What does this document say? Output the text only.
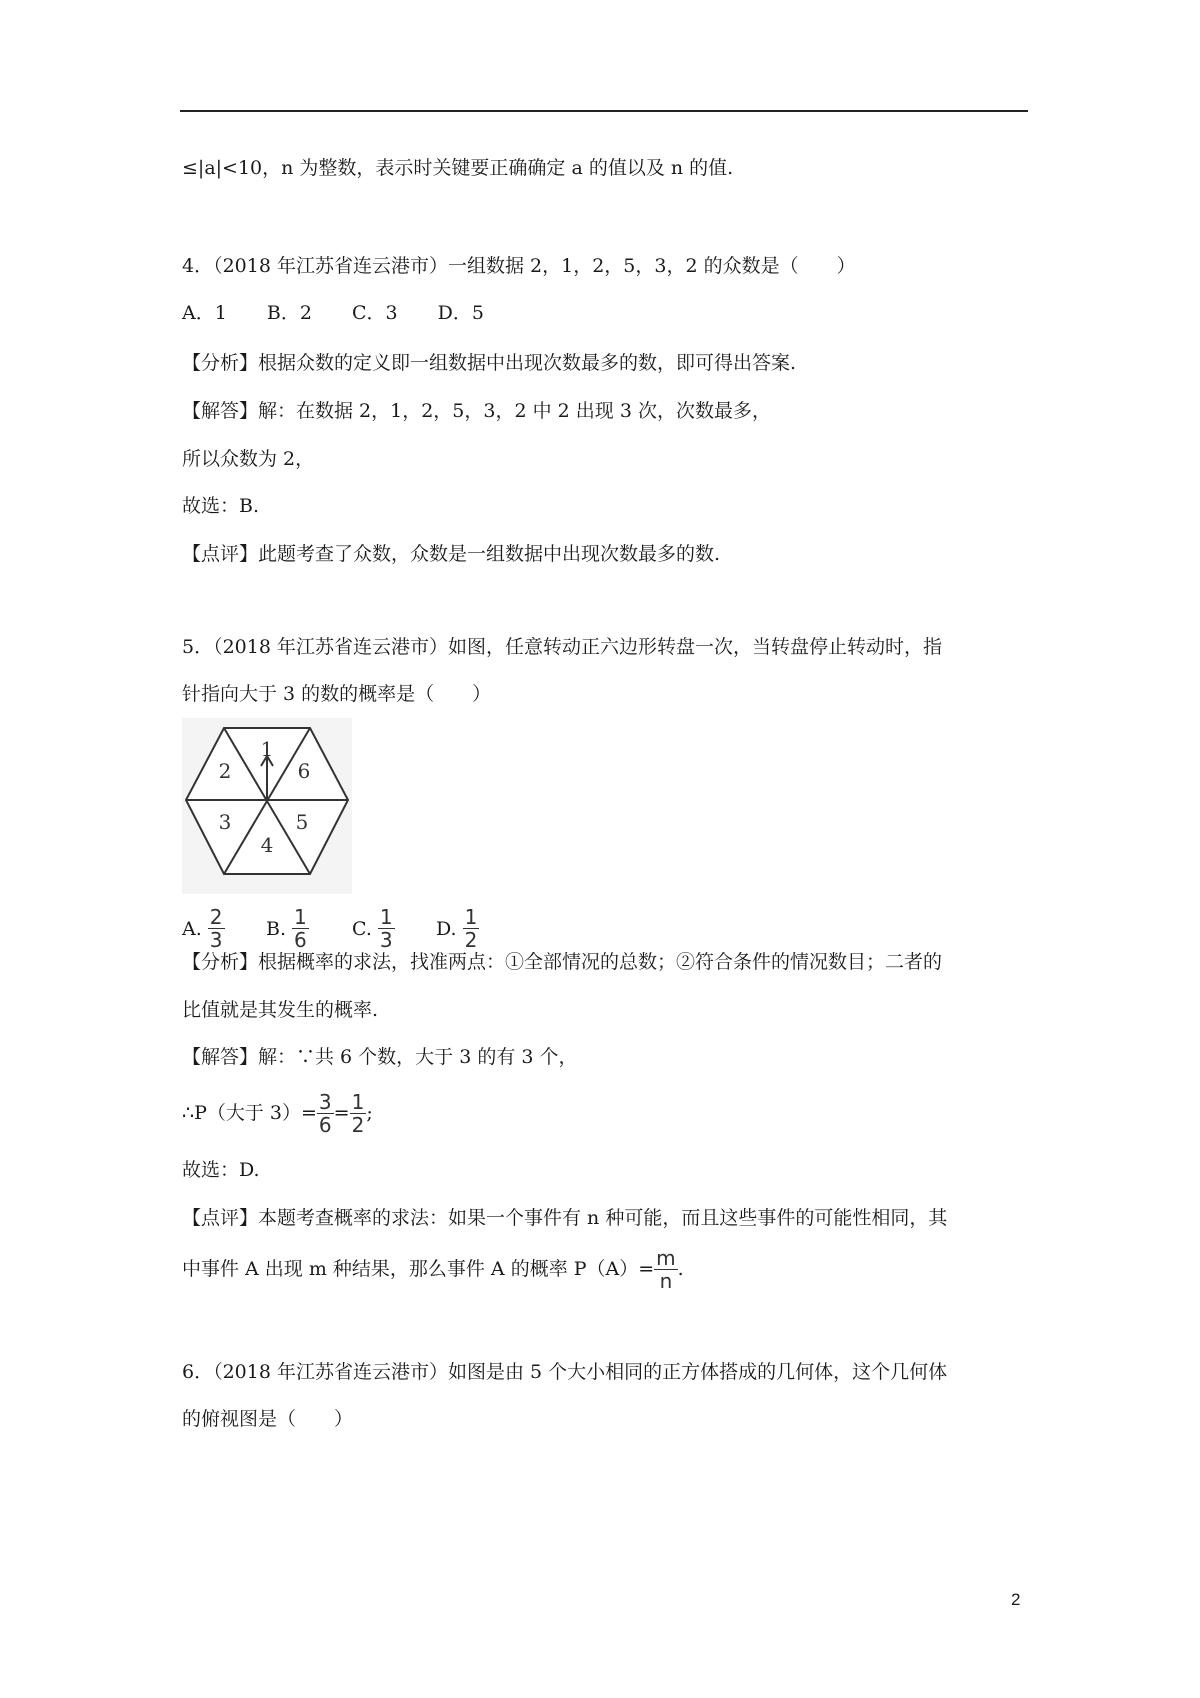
≤|a|<10，n 为整数，表示时关键要正确确定 a 的值以及 n 的值.
4．（2018 年江苏省连云港市）一组数据 2，1，2，5，3，2 的众数是（　　）
A．1 B．2 C．3 D．5
【分析】根据众数的定义即一组数据中出现次数最多的数，即可得出答案.
【解答】解：在数据 2，1，2，5，3，2 中 2 出现 3 次，次数最多，
所以众数为 2，
故选：B.
【点评】此题考查了众数，众数是一组数据中出现次数最多的数.
5．（2018 年江苏省连云港市）如图，任意转动正六边形转盘一次，当转盘停止转动时，指
针指向大于 3 的数的概率是（　　）
1
6
5
4
3
2
A. $\frac{2}{3} B$. $\frac{1}{6} C$. $\frac{1}{3} D$. $\frac{1}{2}$
【分析】根据概率的求法，找准两点：①全部情况的总数；②符合条件的情况数目；二者的
比值就是其发生的概率.
【解答】解：∵共 6 个数，大于 3 的有 3 个，
∴P（大于 $3)= \frac{3}{6} = \frac{1}{2}$ ;
故选：D.
【点评】本题考查概率的求法：如果一个事件有 n 种可能，而且这些事件的可能性相同，其
中事件 A 出现 m 种结果，那么事件 A 的概率 $P(A)= \frac{m}{n}$ .
6．（2018 年江苏省连云港市）如图是由 5 个大小相同的正方体搭成的几何体，这个几何体
的俯视图是（　　）
2
